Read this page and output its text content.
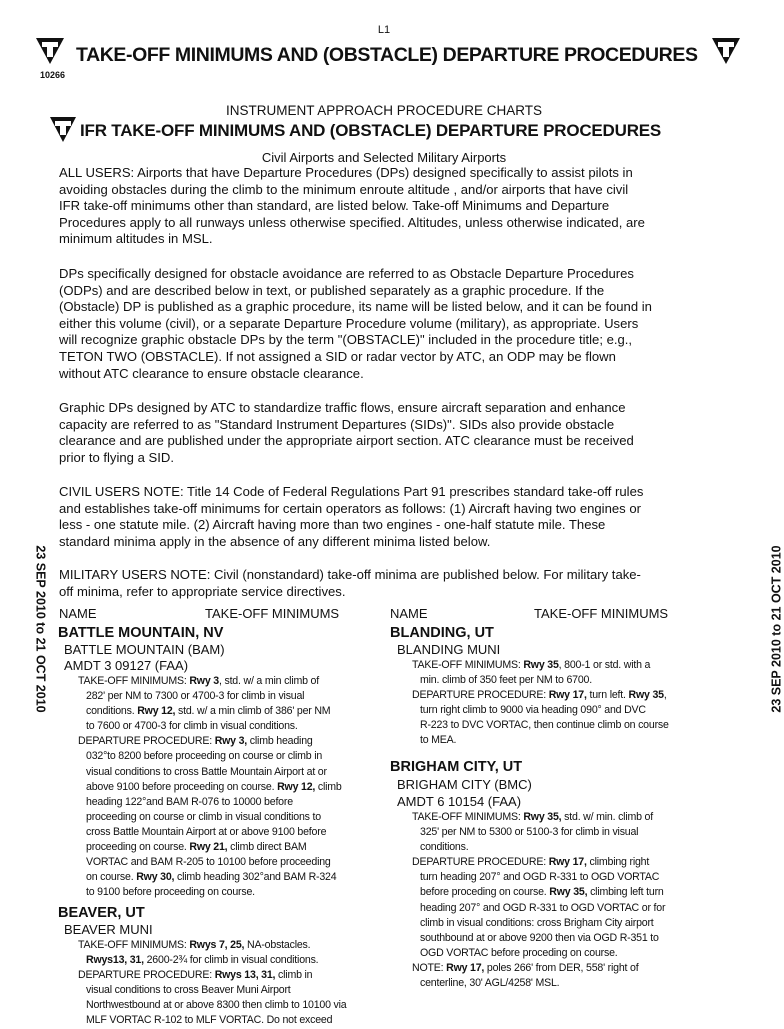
L1
TAKE-OFF MINIMUMS AND (OBSTACLE) DEPARTURE PROCEDURES
10266
INSTRUMENT APPROACH PROCEDURE CHARTS
IFR TAKE-OFF MINIMUMS AND (OBSTACLE) DEPARTURE PROCEDURES
Civil Airports and Selected Military Airports
23 SEP 2010 to 21 OCT 2010	23 SEP 2010 to 21 OCT 2010
ALL USERS: Airports that have Departure Procedures (DPs) designed specifically to assist pilots in
avoiding obstacles during the climb to the minimum enroute altitude , and/or airports that have civil
IFR take-off minimums other than standard, are listed below. Take-off Minimums and Departure
Procedures apply to all runways unless otherwise specified. Altitudes, unless otherwise indicated, are
minimum altitudes in MSL.
DPs specifically designed for obstacle avoidance are referred to as Obstacle Departure Procedures
(ODPs) and are described below in text, or published separately as a graphic procedure. If the
(Obstacle) DP is published as a graphic procedure, its name will be listed below, and it can be found in
either this volume (civil), or a separate Departure Procedure volume (military), as appropriate. Users
will recognize graphic obstacle DPs by the term "(OBSTACLE)" included in the procedure title; e.g.,
TETON TWO (OBSTACLE). If not assigned a SID or radar vector by ATC, an ODP may be flown
without ATC clearance to ensure obstacle clearance.
Graphic DPs designed by ATC to standardize traffic flows, ensure aircraft separation and enhance
capacity are referred to as "Standard Instrument Departures (SIDs)". SIDs also provide obstacle
clearance and are published under the appropriate airport section. ATC clearance must be received
prior to flying a SID.
CIVIL USERS NOTE: Title 14 Code of Federal Regulations Part 91 prescribes standard take-off rules
and establishes take-off minimums for certain operators as follows: (1) Aircraft having two engines or
less - one statute mile. (2) Aircraft having more than two engines - one-half statute mile. These
standard minima apply in the absence of any different minima listed below.
MILITARY USERS NOTE: Civil (nonstandard) take-off minima are published below. For military take-
off minima, refer to appropriate service directives.
NAME	TAKE-OFF MINIMUMS	NAME	TAKE-OFF MINIMUMS
BATTLE MOUNTAIN, NV
BATTLE MOUNTAIN (BAM)
AMDT 3 09127 (FAA)
TAKE-OFF MINIMUMS: Rwy 3, std. w/ a min climb of
282' per NM to 7300 or 4700-3 for climb in visual
conditions. Rwy 12, std. w/ a min climb of 386' per NM
to 7600 or 4700-3 for climb in visual conditions.
DEPARTURE PROCEDURE: Rwy 3, climb heading
032°to 8200 before proceeding on course or climb in
visual conditions to cross Battle Mountain Airport at or
above 9100 before proceeding on course. Rwy 12, climb
heading 122°and BAM R-076 to 10000 before
proceeding on course or climb in visual conditions to
cross Battle Mountain Airport at or above 9100 before
proceeding on course. Rwy 21, climb direct BAM
VORTAC and BAM R-205 to 10100 before proceeding
on course. Rwy 30, climb heading 302°and BAM R-324
to 9100 before proceeding on course.
BEAVER, UT
BEAVER MUNI
TAKE-OFF MINIMUMS: Rwys 7, 25, NA-obstacles.
Rwys13, 31, 2600-2¾ for climb in visual conditions.
DEPARTURE PROCEDURE: Rwys 13, 31, climb in
visual conditions to cross Beaver Muni Airport
Northwestbound at or above 8300 then climb to 10100 via
MLF VORTAC R-102 to MLF VORTAC. Do not exceed
BLANDING, UT
BLANDING MUNI
TAKE-OFF MINIMUMS: Rwy 35, 800-1 or std. with a
min. climb of 350 feet per NM to 6700.
DEPARTURE PROCEDURE: Rwy 17, turn left. Rwy 35,
turn right climb to 9000 via heading 090° and DVC
R-223 to DVC VORTAC, then continue climb on course
to MEA.
BRIGHAM CITY, UT
BRIGHAM CITY (BMC)
AMDT 6 10154 (FAA)
TAKE-OFF MINIMUMS: Rwy 35, std. w/ min. climb of
325' per NM to 5300 or 5100-3 for climb in visual
conditions.
DEPARTURE PROCEDURE: Rwy 17, climbing right
turn heading 207° and OGD R-331 to OGD VORTAC
before proceding on course. Rwy 35, climbing left turn
heading 207° and OGD R-331 to OGD VORTAC or for
climb in visual conditions: cross Brigham City airport
southbound at or above 9200 then via OGD R-351 to
OGD VORTAC before proceding on course.
NOTE: Rwy 17, poles 266' from DER, 558' right of
centerline, 30' AGL/4258' MSL.
